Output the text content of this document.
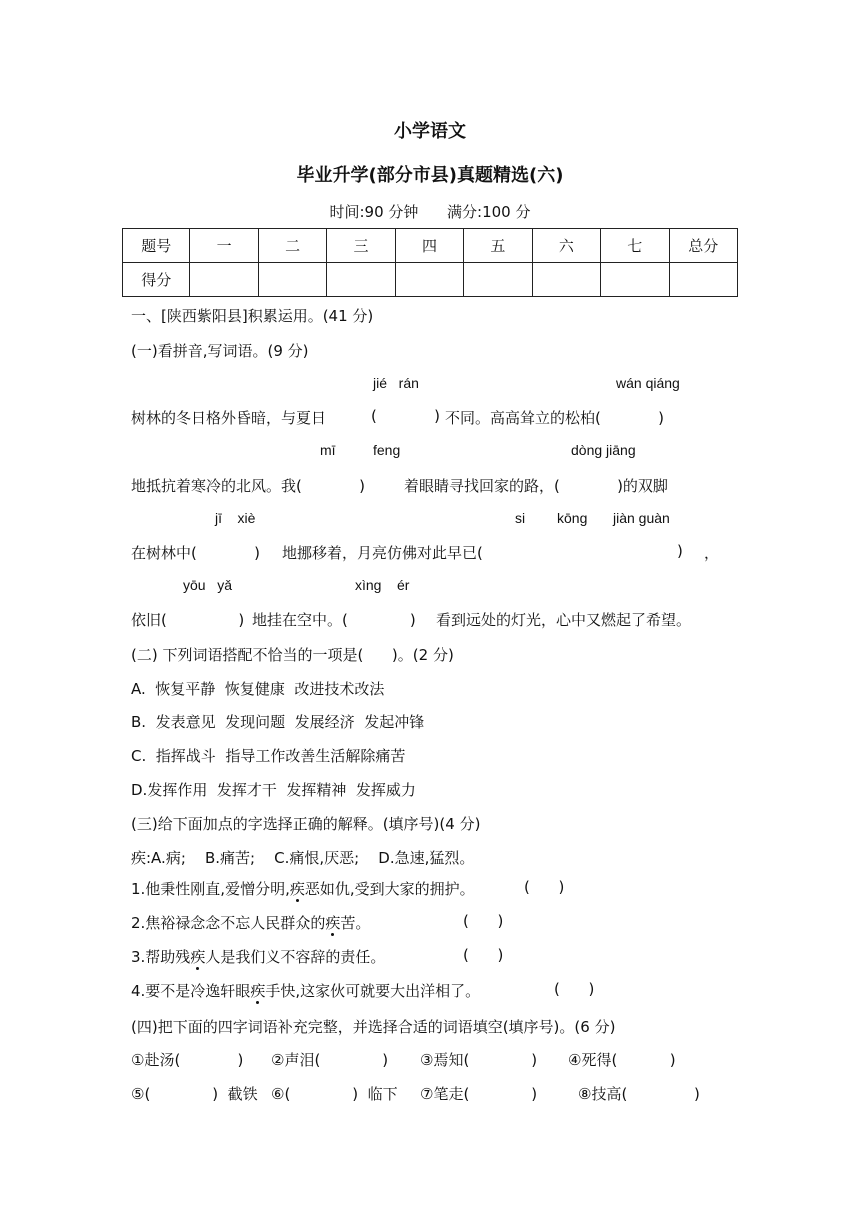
小学语文
毕业升学(部分市县)真题精选(六)
时间:90 分钟      满分:100 分
题号	一	二	三	四	五	六	七	总分
得分								
一、[陕西紫阳县]积累运用。(41 分)
(一)看拼音,写词语。(9 分)
jié   rán	wán qiáng
树林的冬日格外昏暗，与夏日	(            ) 不同。高高耸立的松柏(            )
mī	feng	dòng jiāng
地抵抗着寒冷的北风。我(            )	着眼睛寻找回家的路，(            )的双脚
jī    xiè	si kōng jiàn guàn
在树林中(            ) 地挪移着，月亮仿佛对此早已(	) ，
yōu   yǎ	xìng    ér
依旧(               ) 地挂在空中。(             ) 看到远处的灯光，心中又燃起了希望。
(二) 下列词语搭配不恰当的一项是(      )。(2 分)
A.  恢复平静  恢复健康  改进技术改法
B.  发表意见  发现问题  发展经济  发起冲锋
C.  指挥战斗  指导工作改善生活解除痛苦
D.发挥作用  发挥才干  发挥精神  发挥威力
(三)给下面加点的字选择正确的解释。(填序号)(4 分)
疾:A.病;    B.痛苦;    C.痛恨,厌恶;    D.急速,猛烈。
1.他秉性刚直,爱憎分明,疾恶如仇,受到大家的拥护。	(      )
2.焦裕禄念念不忘人民群众的疾苦。	(      )
3.帮助残疾人是我们义不容辞的责任。	(      )
4.要不是冷逸轩眼疾手快,这家伙可就要大出洋相了。	(      )
(四)把下面的四字词语补充完整，并选择合适的词语填空(填序号)。(6 分)
①赴汤(            ) ②声泪(             ) ③焉知(             ) ④死得(           )
⑤(             )  截铁 ⑥(             )  临下 ⑦笔走(             )	⑧技高(              )
